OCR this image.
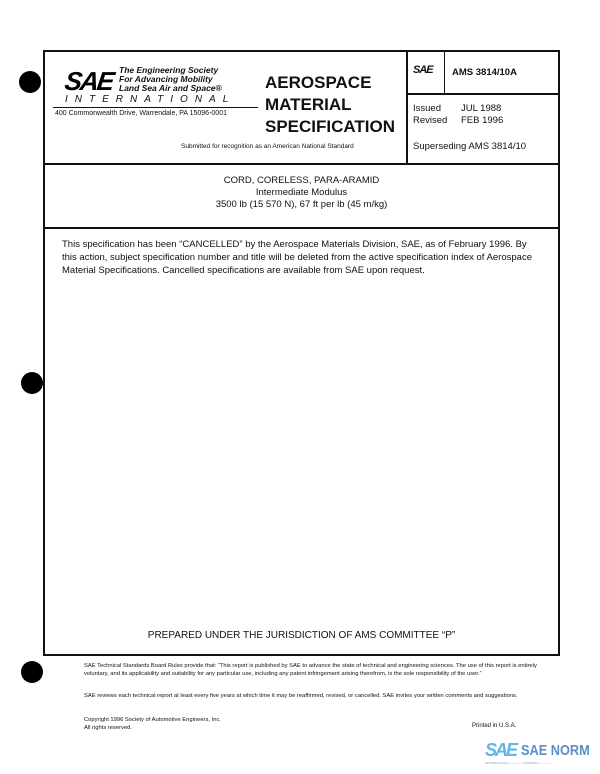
SAE The Engineering Society
For Advancing Mobility
Land Sea Air and Space®
INTERNATIONAL
400 Commonwealth Drive, Warrendale, PA 15096-0001
AEROSPACE
MATERIAL
SPECIFICATION
Submitted for recognition as an American National Standard
SAE AMS 3814/10A
Issued JUL 1988
Revised FEB 1996
Superseding AMS 3814/10
CORD, CORELESS, PARA-ARAMID
Intermediate Modulus
3500 lb (15 570 N), 67 ft per lb (45 m/kg)
This specification has been “CANCELLED” by the Aerospace Materials Division, SAE, as of February 1996. By this action, subject specification number and title will be deleted from the active specification index of Aerospace Material Specifications. Cancelled specifications are available from SAE upon request.
PREPARED UNDER THE JURISDICTION OF AMS COMMITTEE “P”
SAE Technical Standards Board Rules provide that: “This report is published by SAE to advance the state of technical and engineering sciences. The use of this report is entirely voluntary, and its applicability and suitability for any particular use, including any patent infringement arising therefrom, is the sole responsibility of the user.”
SAE reviews each technical report at least every five years at which time it may be reaffirmed, revised, or cancelled. SAE invites your written comments and suggestions.
Copyright 1996 Society of Automotive Engineers, Inc.
All rights reserved.	Printed in U.S.A.
SAE SAE NORM
INTERNATIONAL ———— STANDARD ————
